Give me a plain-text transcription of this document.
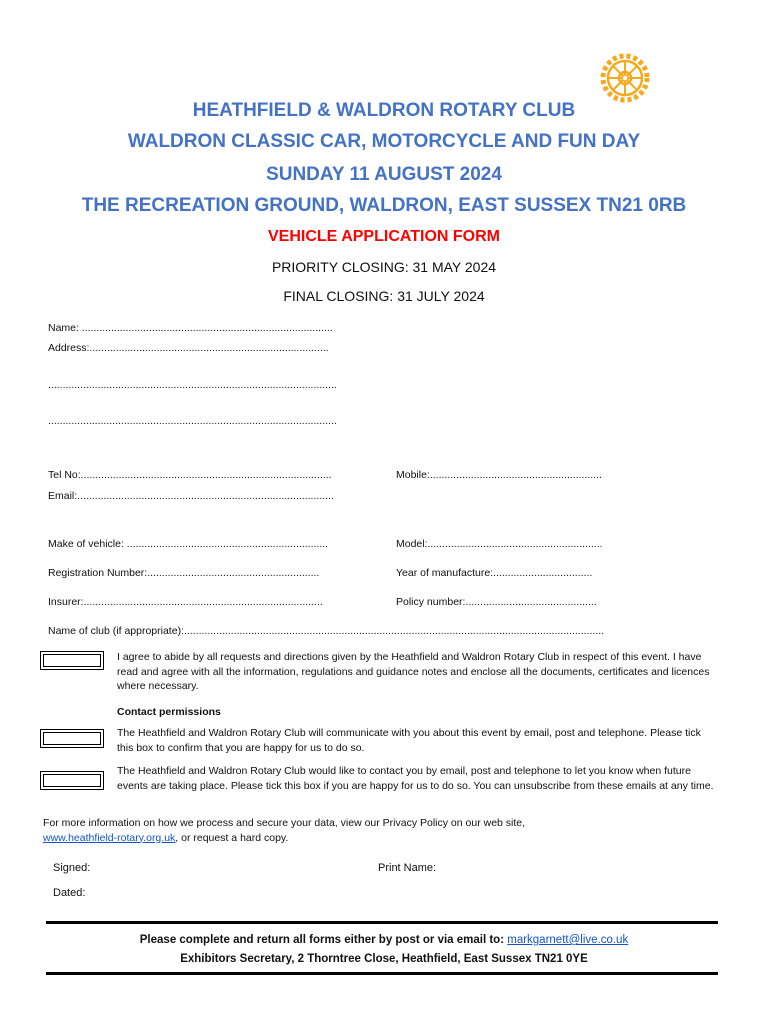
HEATHFIELD & WALDRON ROTARY CLUB
WALDRON CLASSIC CAR, MOTORCYCLE AND FUN DAY
SUNDAY 11 AUGUST 2024
THE RECREATION GROUND, WALDRON, EAST SUSSEX TN21 0RB
VEHICLE APPLICATION FORM
PRIORITY CLOSING: 31 MAY 2024
FINAL CLOSING: 31 JULY 2024
Name: ......................................................................................
Address:..................................................................................
...................................................................................................
...................................................................................................
Tel No:......................................................................................	Mobile:...........................................................
Email:........................................................................................
Make of vehicle: .....................................................................	Model:............................................................
Registration Number:...........................................................	Year of manufacture:..................................
Insurer:..................................................................................	Policy number:.............................................
Name of club (if appropriate):................................................................................................................................................
I agree to abide by all requests and directions given by the Heathfield and Waldron Rotary Club in respect of this event. I have read and agree with all the information, regulations and guidance notes and enclose all the documents, certificates and licences where necessary.
Contact permissions
The Heathfield and Waldron Rotary Club will communicate with you about this event by email, post and telephone. Please tick this box to confirm that you are happy for us to do so.
The Heathfield and Waldron Rotary Club would like to contact you by email, post and telephone to let you know when future events are taking place. Please tick this box if you are happy for us to do so. You can unsubscribe from these emails at any time.
For more information on how we process and secure your data, view our Privacy Policy on our web site,
www.heathfield-rotary.org.uk, or request a hard copy.
Signed:	Print Name:
Dated:
Please complete and return all forms either by post or via email to: markgarnett@live.co.uk
Exhibitors Secretary, 2 Thorntree Close, Heathfield, East Sussex TN21 0YE
